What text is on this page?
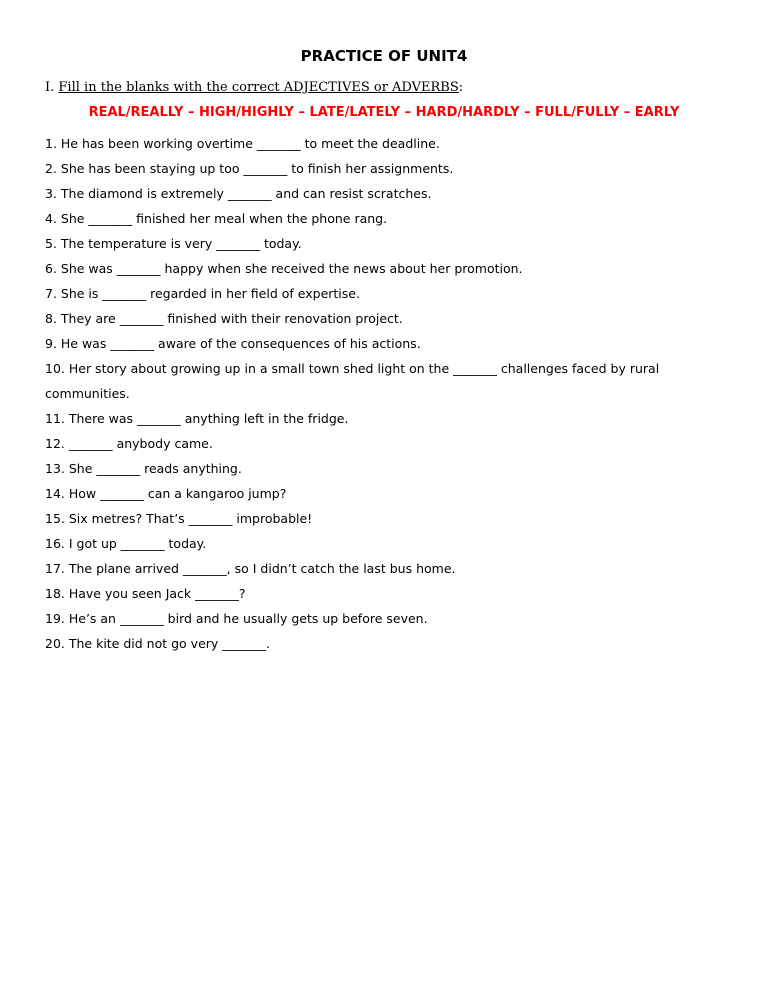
PRACTICE OF UNIT4
I. Fill in the blanks with the correct ADJECTIVES or ADVERBS:
REAL/REALLY – HIGH/HIGHLY – LATE/LATELY – HARD/HARDLY – FULL/FULLY – EARLY
1. He has been working overtime _______ to meet the deadline.
2. She has been staying up too _______ to finish her assignments.
3. The diamond is extremely _______ and can resist scratches.
4. She _______ finished her meal when the phone rang.
5. The temperature is very _______ today.
6. She was _______ happy when she received the news about her promotion.
7. She is _______ regarded in her field of expertise.
8. They are _______ finished with their renovation project.
9. He was _______ aware of the consequences of his actions.
10. Her story about growing up in a small town shed light on the _______ challenges faced by rural communities.
11. There was _______ anything left in the fridge.
12. _______ anybody came.
13. She _______ reads anything.
14. How _______ can a kangaroo jump?
15. Six metres? That’s _______ improbable!
16. I got up _______ today.
17. The plane arrived _______, so I didn’t catch the last bus home.
18. Have you seen Jack _______?
19. He’s an _______ bird and he usually gets up before seven.
20. The kite did not go very _______.
